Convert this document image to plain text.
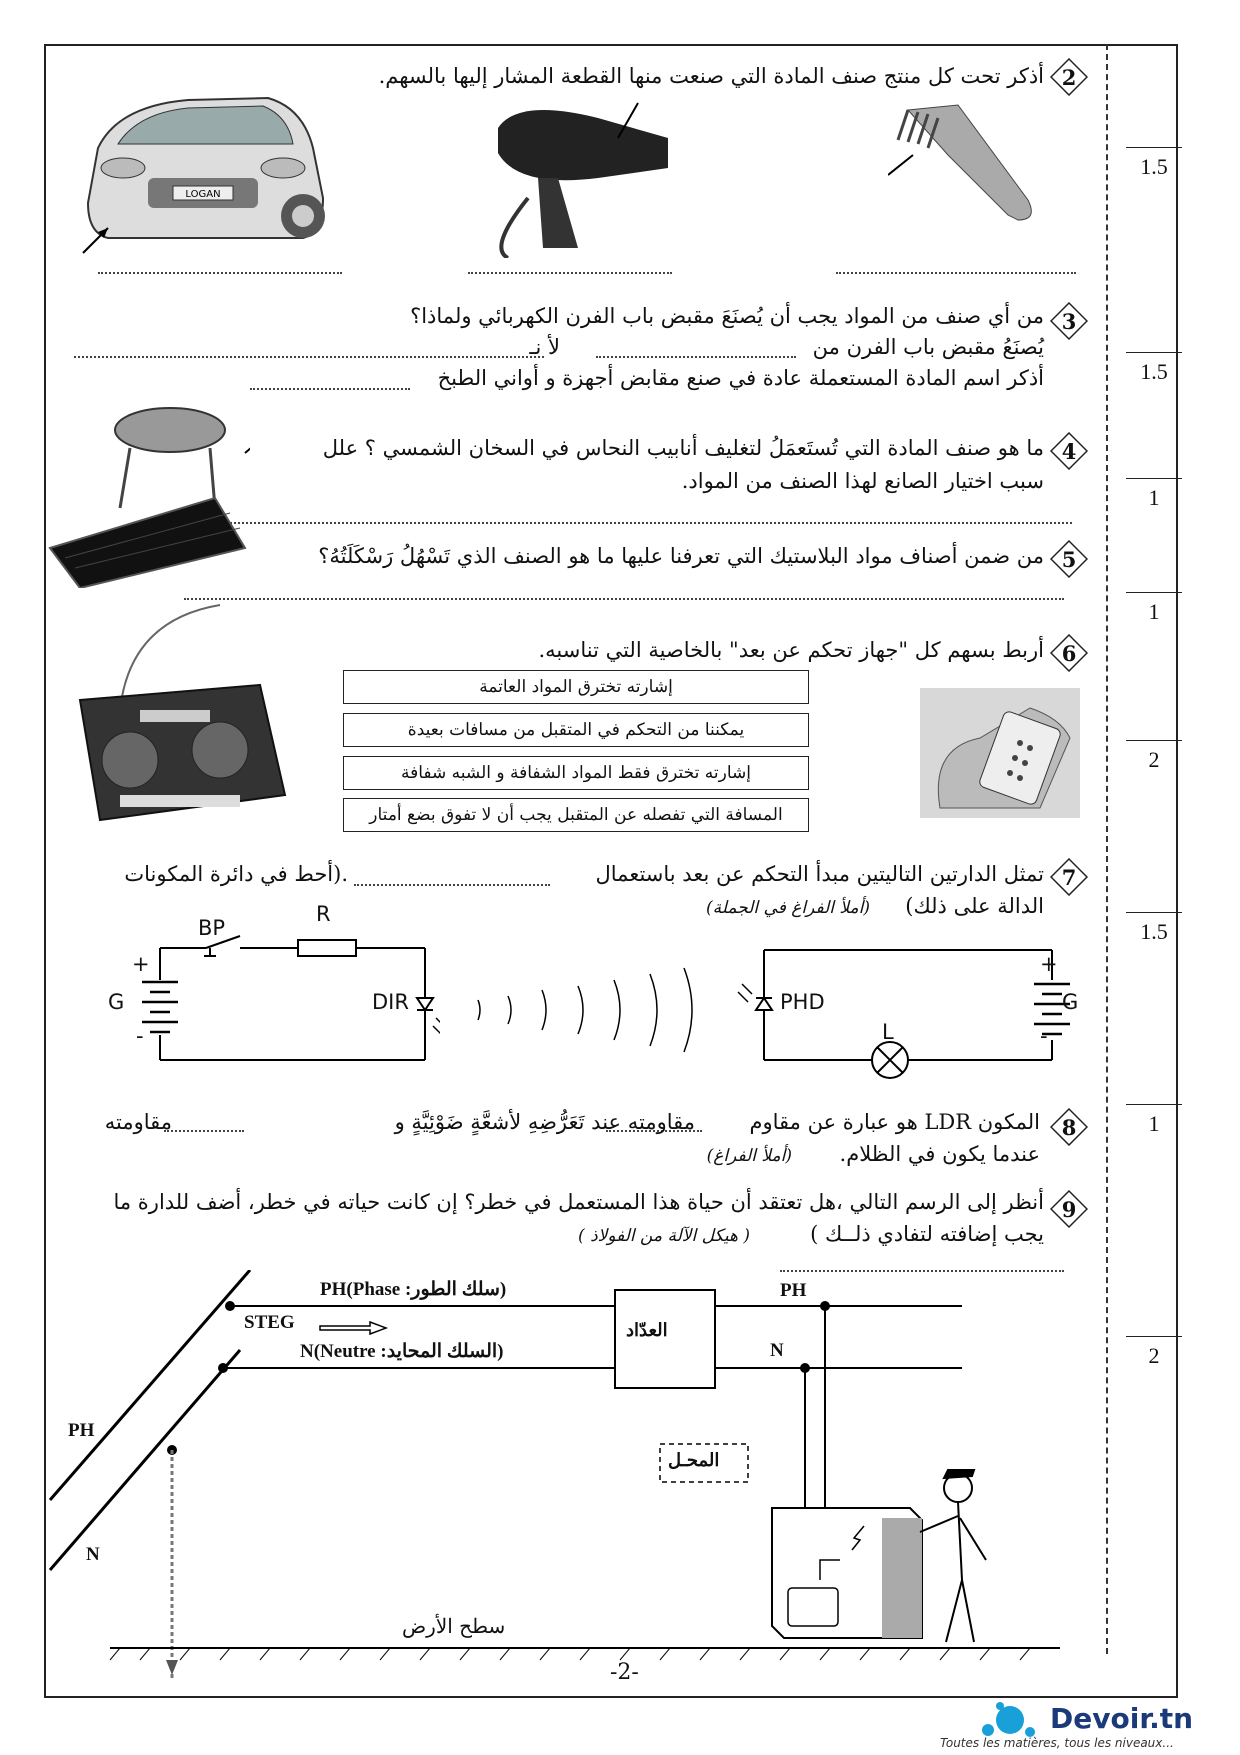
2
أذكر تحت كل منتج صنف المادة التي صنعت منها القطعة المشار إليها بالسهم.
1.5
LOGAN
3
من أي صنف من المواد يجب أن يُصنَعَ مقبض باب الفرن الكهربائي ولماذا؟
يُصنَعُ مقبض باب الفرن من
لأ نـ
أذكر اسم المادة المستعملة عادة في صنع مقابض أجهزة و أواني الطبخ	1.5
4
ما هو صنف المادة التي تُستَعمَلُ لتغليف أنابيب النحاس في السخان الشمسي ؟ علل
سبب اختيار الصانع لهذا الصنف من المواد.
1
5
من ضمن أصناف مواد البلاستيك التي تعرفنا عليها ما هو الصنف الذي تَسْهُلُ رَسْكَلَتُهُ؟
1
6
أربط بسهم كل "جهاز تحكم عن بعد" بالخاصية التي تناسبه.
إشارته تخترق المواد العاتمة
يمكننا من التحكم في المتقبل من مسافات بعيدة
إشارته تخترق فقط المواد الشفافة و الشبه شفافة
المسافة التي تفصله عن المتقبل يجب أن لا تفوق بضع أمتار
2
7
تمثل الدارتين التاليتين مبدأ التحكم عن بعد باستعمال
.(أحط في دائرة المكونات
الدالة على ذلك)
(أملأ الفراغ في الجملة)
1.5
BP
R
+
G
-
DIR	PHD
L
+
G
-
8
المكون LDR هو عبارة عن مقاوم
مقاومته عند تَعَرُّضِهِ لأشعَّةٍ ضَوْئِيَّةٍ و
مقاومته
عندما يكون في الظلام.
(أملأ الفراغ)
1
9
أنظر إلى الرسم التالي ،هل تعتقد أن حياة هذا المستعمل في خطر؟ إن كانت حياته في خطر، أضف للدارة ما
يجب إضافته لتفادي ذلــك )
( هيكل الآلة من الفولاذ )
2
PH(Phase :سلك الطور)
STEG
N(Neutre :السلك المحايد)
العدّاد
PH
N
PH
N
المحـل
سطح الأرض
-2-
Devoir.tn
Toutes les matières, tous les niveaux...
